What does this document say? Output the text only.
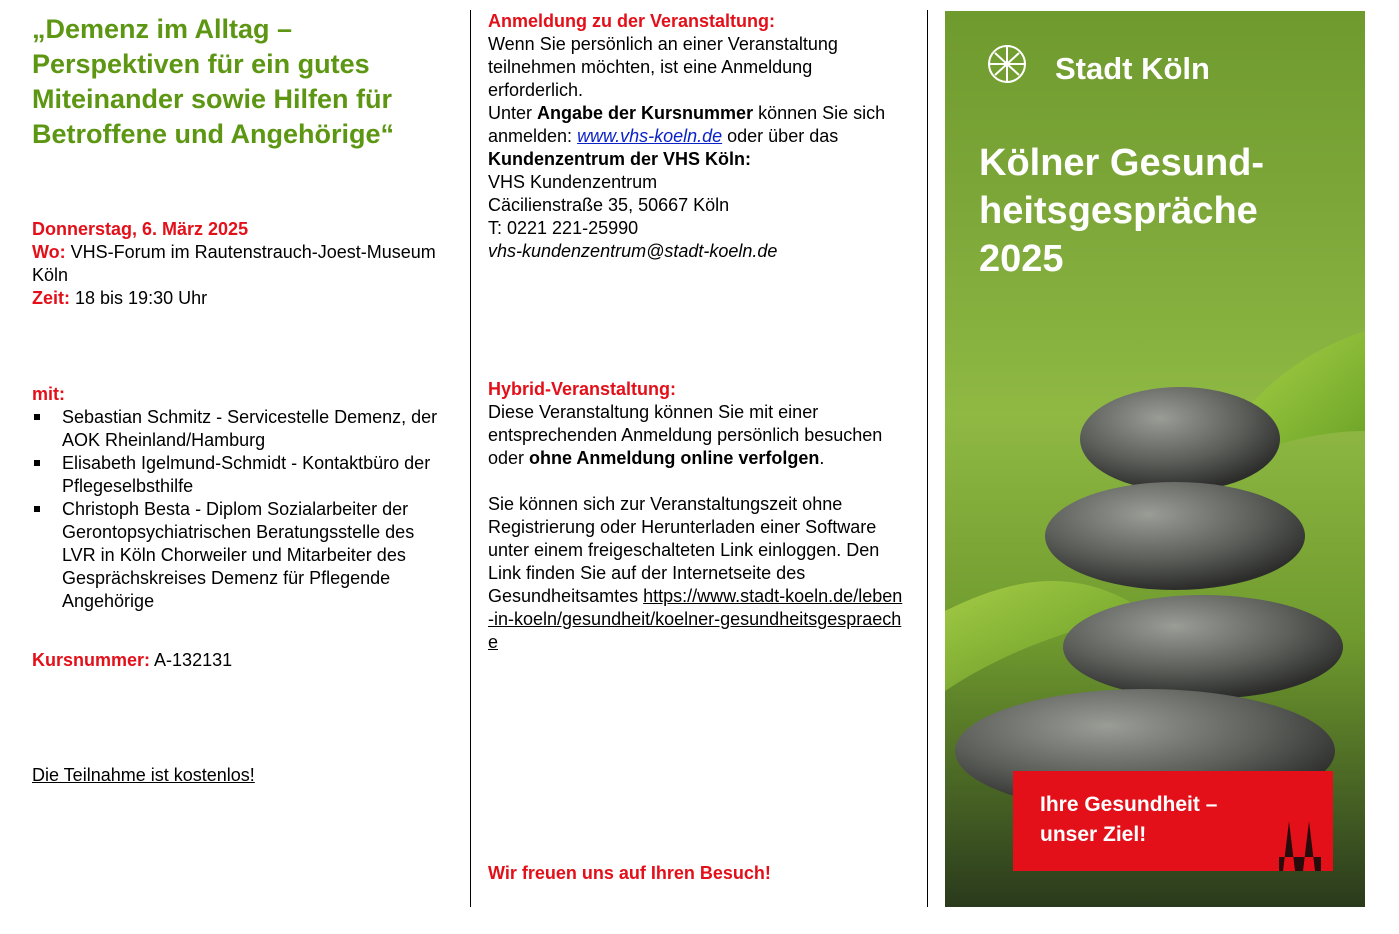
„Demenz im Alltag – Perspektiven für ein gutes Miteinander sowie Hilfen für Betroffene und Angehörige“
Donnerstag, 6. März 2025
Wo: VHS-Forum im Rautenstrauch-Joest-Museum Köln
Zeit: 18 bis 19:30 Uhr
mit:
Sebastian Schmitz - Servicestelle Demenz, der AOK Rheinland/Hamburg
Elisabeth Igelmund-Schmidt - Kontaktbüro der Pflegeselbsthilfe
Christoph Besta - Diplom Sozialarbeiter der Gerontopsychiatrischen Beratungsstelle des LVR in Köln Chorweiler und Mitarbeiter des Gesprächskreises Demenz für Pflegende Angehörige
Kursnummer: A-132131
Die Teilnahme ist kostenlos!
Anmeldung zu der Veranstaltung:
Wenn Sie persönlich an einer Veranstaltung teilnehmen möchten, ist eine Anmeldung erforderlich.
Unter Angabe der Kursnummer können Sie sich anmelden: www.vhs-koeln.de oder über das Kundenzentrum der VHS Köln:
VHS Kundenzentrum
Cäcilienstraße 35, 50667 Köln
T: 0221 221-25990
vhs-kundenzentrum@stadt-koeln.de
Hybrid-Veranstaltung:
Diese Veranstaltung können Sie mit einer entsprechenden Anmeldung persönlich besuchen oder ohne Anmeldung online verfolgen.
Sie können sich zur Veranstaltungszeit ohne Registrierung oder Herunterladen einer Software unter einem freigeschalteten Link einloggen. Den Link finden Sie auf der Internetseite des Gesundheitsamtes https://www.stadt-koeln.de/leben-in-koeln/gesundheit/koelner-gesundheitsgespraeche
Wir freuen uns auf Ihren Besuch!
Stadt Köln
Kölner Gesund-heitsgespräche 2025
Ihre Gesundheit –
unser Ziel!
